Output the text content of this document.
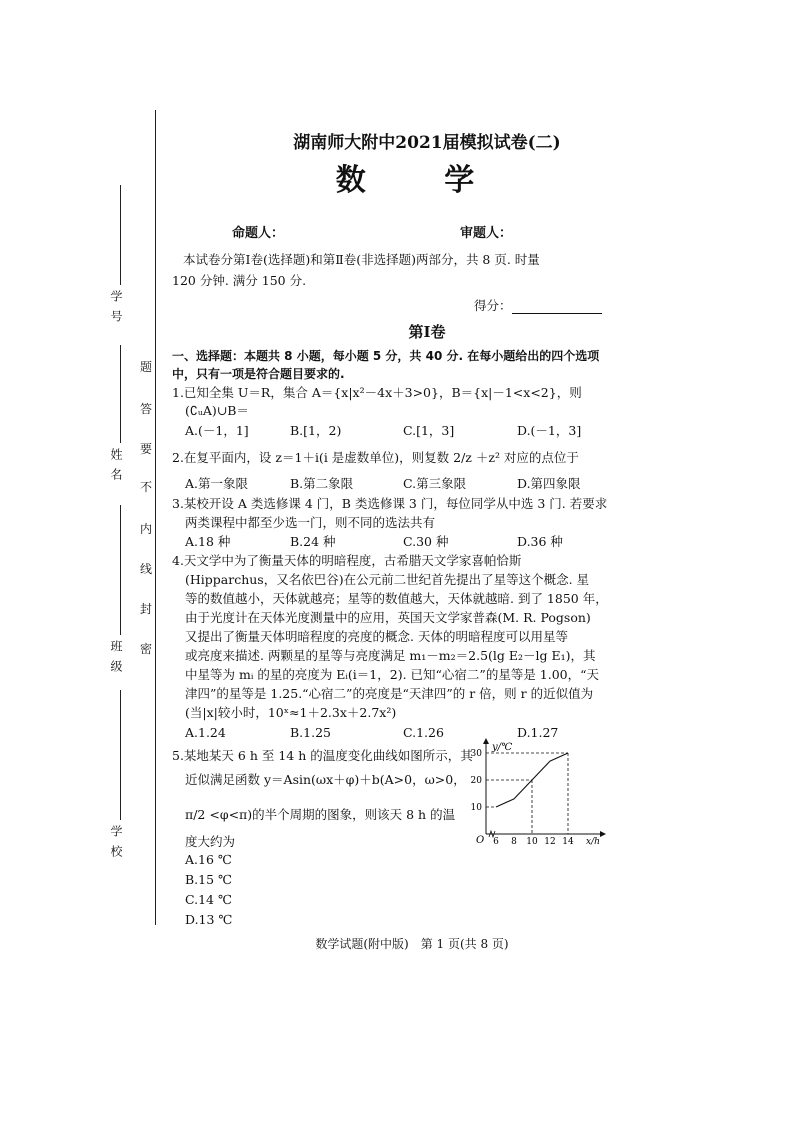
学 号
姓 名
班 级
学 校
题
答
要
不
内
线
封
密
湖南师大附中2021届模拟试卷(二)
数 学
命题人：	审题人：
本试卷分第Ⅰ卷(选择题)和第Ⅱ卷(非选择题)两部分，共 8 页. 时量
120 分钟. 满分 150 分.
得分：
第Ⅰ卷
一、选择题：本题共 8 小题，每小题 5 分，共 40 分. 在每小题给出的四个选项
中，只有一项是符合题目要求的.
1.已知全集 U＝R，集合 A＝{x|x²－4x＋3>0}，B＝{x|－1<x<2}，则
(∁ᵤA)∪B＝
A.(－1，1]	B.[1，2)	C.[1，3]	D.(－1，3]
2.在复平面内，设 z＝1＋i(i 是虚数单位)，则复数 2/z ＋z² 对应的点位于
A.第一象限	B.第二象限	C.第三象限	D.第四象限
3.某校开设 A 类选修课 4 门，B 类选修课 3 门，每位同学从中选 3 门. 若要求
两类课程中都至少选一门，则不同的选法共有
A.18 种	B.24 种	C.30 种	D.36 种
4.天文学中为了衡量天体的明暗程度，古希腊天文学家喜帕恰斯
(Hipparchus，又名依巴谷)在公元前二世纪首先提出了星等这个概念. 星
等的数值越小，天体就越亮；星等的数值越大，天体就越暗. 到了 1850 年，
由于光度计在天体光度测量中的应用，英国天文学家普森(M. R. Pogson)
又提出了衡量天体明暗程度的亮度的概念. 天体的明暗程度可以用星等
或亮度来描述. 两颗星的星等与亮度满足 m₁－m₂＝2.5(lg E₂－lg E₁)，其
中星等为 mᵢ 的星的亮度为 Eᵢ(i＝1，2). 已知“心宿二”的星等是 1.00，“天
津四”的星等是 1.25.“心宿二”的亮度是“天津四”的 r 倍，则 r 的近似值为
(当|x|较小时，10ˣ≈1＋2.3x＋2.7x²)
A.1.24	B.1.25	C.1.26	D.1.27
5.某地某天 6 h 至 14 h 的温度变化曲线如图所示，其
近似满足函数 y＝Asin(ωx＋φ)＋b(A>0，ω>0，
π/2 <φ<π)的半个周期的图象，则该天 8 h 的温
度大约为
A.16 ℃
B.15 ℃
C.14 ℃
D.13 ℃
y/℃
x/h
O 6 8 10 12 14
10
20
30
数学试题(附中版)　第 1 页(共 8 页)
